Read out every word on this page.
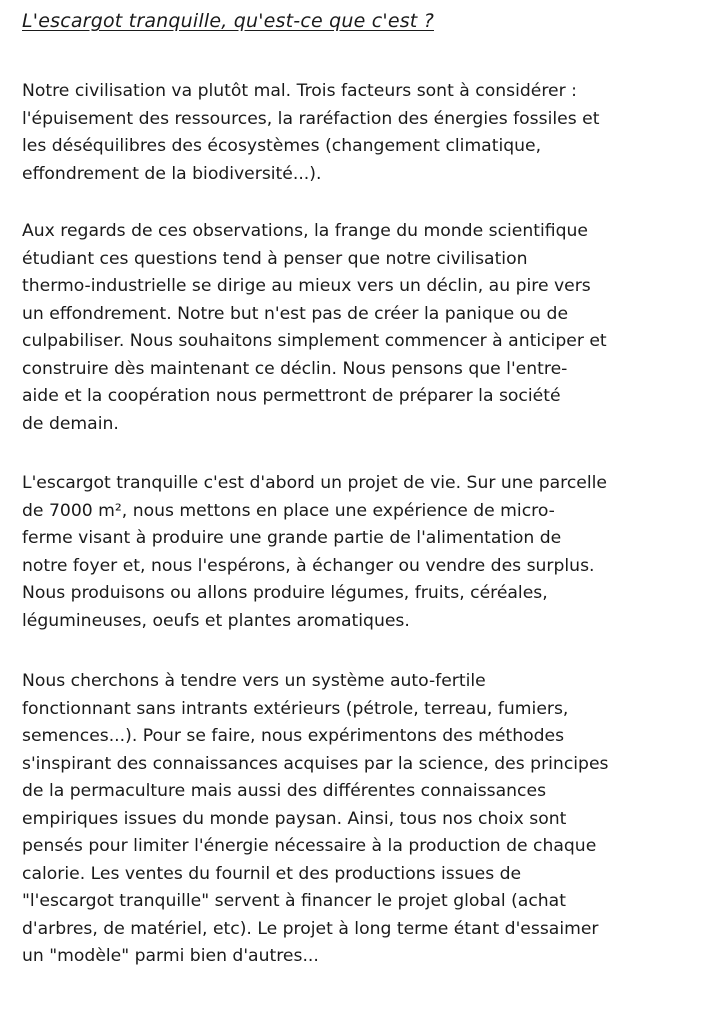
L'escargot tranquille, qu'est-ce que c'est ?

Notre civilisation va plutôt mal. Trois facteurs sont à considérer :
l'épuisement des ressources, la raréfaction des énergies fossiles et
les déséquilibres des écosystèmes (changement climatique,
effondrement de la biodiversité...).

Aux regards de ces observations, la frange du monde scientifique
étudiant ces questions tend à penser que notre civilisation
thermo-industrielle se dirige au mieux vers un déclin, au pire vers
un effondrement. Notre but n'est pas de créer la panique ou de
culpabiliser. Nous souhaitons simplement commencer à anticiper et
construire dès maintenant ce déclin. Nous pensons que l'entre-
aide et la coopération nous permettront de préparer la société
de demain.

L'escargot tranquille c'est d'abord un projet de vie. Sur une parcelle
de 7000 m², nous mettons en place une expérience de micro-
ferme visant à produire une grande partie de l'alimentation de
notre foyer et, nous l'espérons, à échanger ou vendre des surplus.
Nous produisons ou allons produire légumes, fruits, céréales,
légumineuses, oeufs et plantes aromatiques.

Nous cherchons à tendre vers un système auto-fertile
fonctionnant sans intrants extérieurs (pétrole, terreau, fumiers,
semences...). Pour se faire, nous expérimentons des méthodes
s'inspirant des connaissances acquises par la science, des principes
de la permaculture mais aussi des différentes connaissances
empiriques issues du monde paysan. Ainsi, tous nos choix sont
pensés pour limiter l'énergie nécessaire à la production de chaque
calorie. Les ventes du fournil et des productions issues de
"l'escargot tranquille" servent à financer le projet global (achat
d'arbres, de matériel, etc). Le projet à long terme étant d'essaimer
un "modèle" parmi bien d'autres...
